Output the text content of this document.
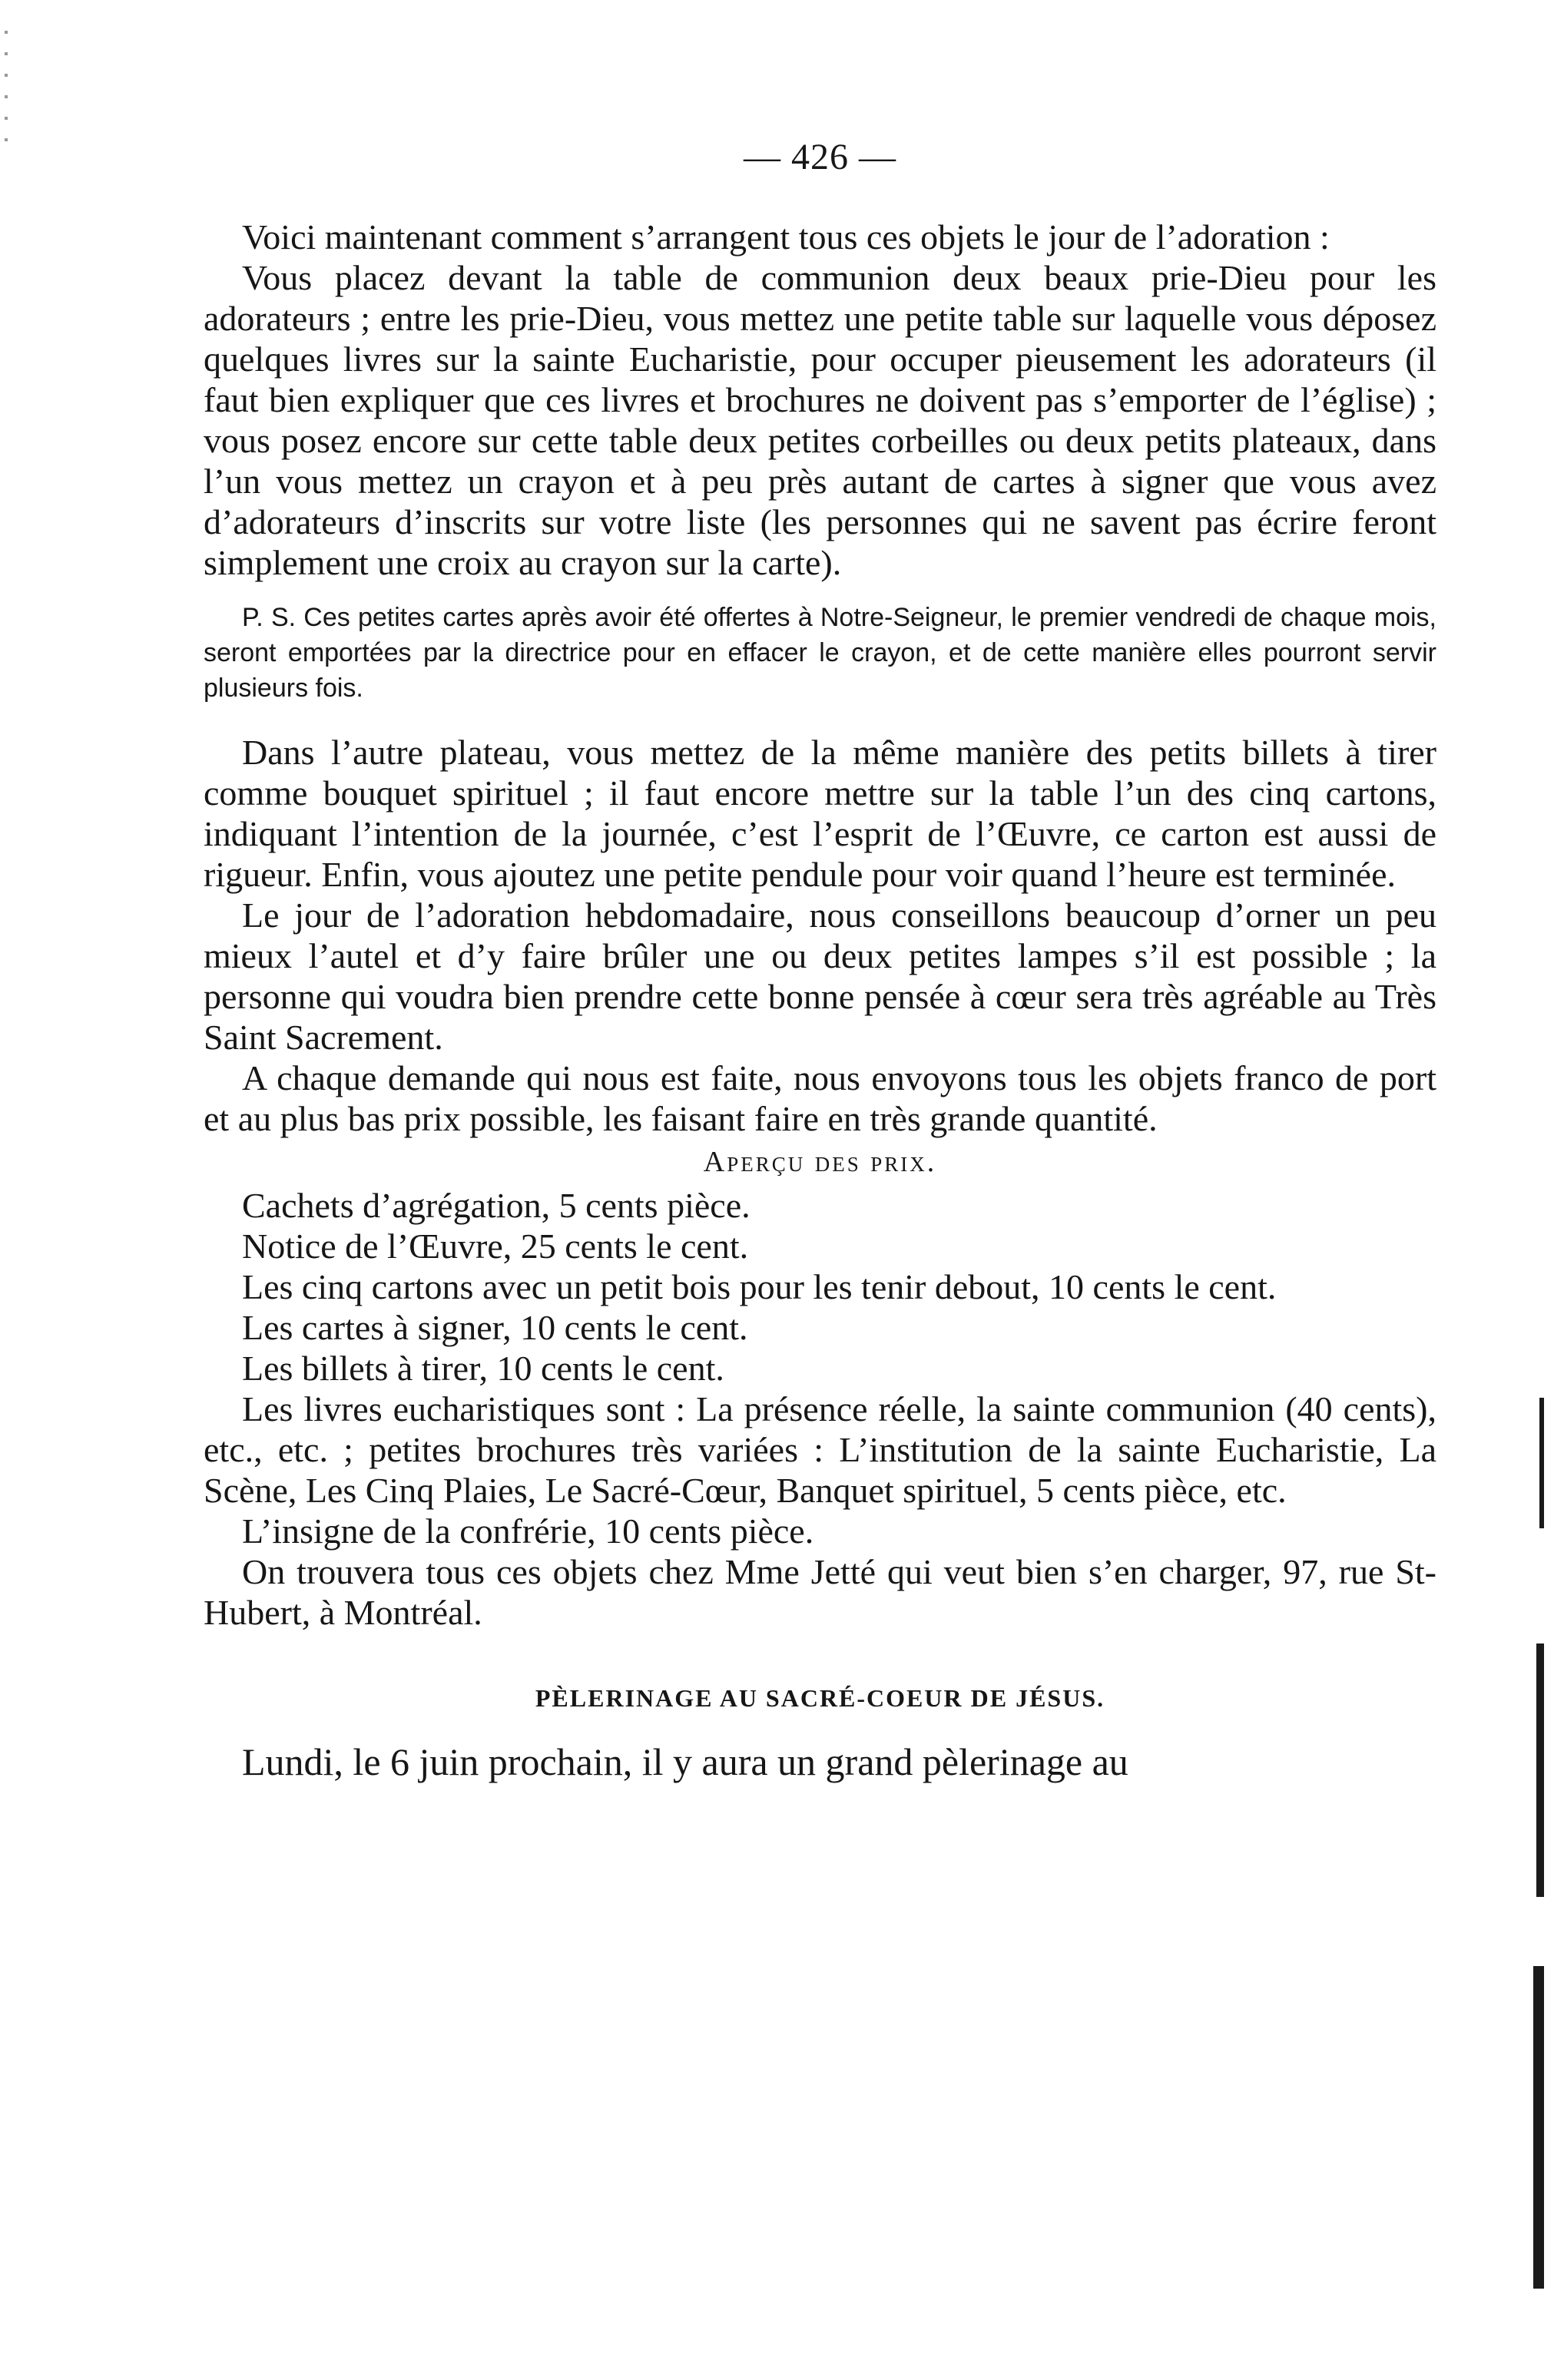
— 426 —

Voici maintenant comment s’arrangent tous ces objets le jour de l’adoration :

Vous placez devant la table de communion deux beaux prie-Dieu pour les adorateurs ; entre les prie-Dieu, vous mettez une petite table sur laquelle vous déposez quelques livres sur la sainte Eucharistie, pour occuper pieusement les adorateurs (il faut bien expliquer que ces livres et brochures ne doivent pas s’emporter de l’église) ; vous posez encore sur cette table deux petites corbeilles ou deux petits plateaux, dans l’un vous mettez un crayon et à peu près autant de cartes à signer que vous avez d’adorateurs d’inscrits sur votre liste (les personnes qui ne savent pas écrire feront simplement une croix au crayon sur la carte).

P. S. Ces petites cartes après avoir été offertes à Notre-Seigneur, le premier vendredi de chaque mois, seront emportées par la directrice pour en effacer le crayon, et de cette manière elles pourront servir plusieurs fois.

Dans l’autre plateau, vous mettez de la même manière des petits billets à tirer comme bouquet spirituel ; il faut encore mettre sur la table l’un des cinq cartons, indiquant l’intention de la journée, c’est l’esprit de l’Œuvre, ce carton est aussi de rigueur. Enfin, vous ajoutez une petite pendule pour voir quand l’heure est terminée.

Le jour de l’adoration hebdomadaire, nous conseillons beaucoup d’orner un peu mieux l’autel et d’y faire brûler une ou deux petites lampes s’il est possible ; la personne qui voudra bien prendre cette bonne pensée à cœur sera très agréable au Très Saint Sacrement.

A chaque demande qui nous est faite, nous envoyons tous les objets franco de port et au plus bas prix possible, les faisant faire en très grande quantité.

Aperçu des prix.

Cachets d’agrégation, 5 cents pièce.

Notice de l’Œuvre, 25 cents le cent.

Les cinq cartons avec un petit bois pour les tenir debout, 10 cents le cent.

Les cartes à signer, 10 cents le cent.

Les billets à tirer, 10 cents le cent.

Les livres eucharistiques sont : La présence réelle, la sainte communion (40 cents), etc., etc. ; petites brochures très variées : L’institution de la sainte Eucharistie, La Scène, Les Cinq Plaies, Le Sacré-Cœur, Banquet spirituel, 5 cents pièce, etc.

L’insigne de la confrérie, 10 cents pièce.

On trouvera tous ces objets chez Mme Jetté qui veut bien s’en charger, 97, rue St-Hubert, à Montréal.

PÈLERINAGE AU SACRÉ-COEUR DE JÉSUS.

Lundi, le 6 juin prochain, il y aura un grand pèlerinage au
